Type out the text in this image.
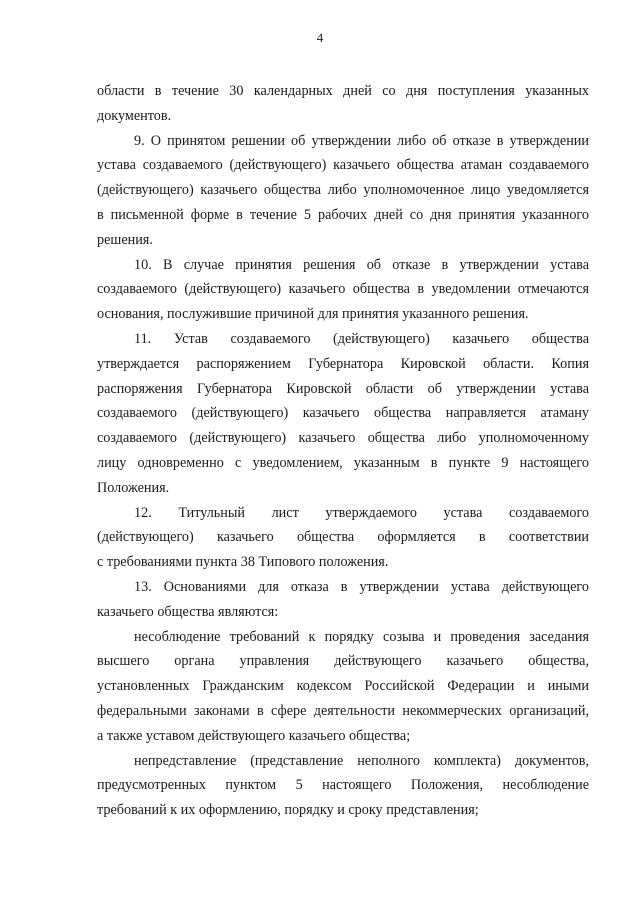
4

области в течение 30 календарных дней со дня поступления указанных
документов.

9. О принятом решении об утверждении либо об отказе в утверждении
устава создаваемого (действующего) казачьего общества атаман создаваемого
(действующего) казачьего общества либо уполномоченное лицо уведомляется
в письменной форме в течение 5 рабочих дней со дня принятия указанного
решения.

10. В случае принятия решения об отказе в утверждении устава
создаваемого (действующего) казачьего общества в уведомлении отмечаются
основания, послужившие причиной для принятия указанного решения.

11. Устав создаваемого (действующего) казачьего общества
утверждается распоряжением Губернатора Кировской области. Копия
распоряжения Губернатора Кировской области об утверждении устава
создаваемого (действующего) казачьего общества направляется атаману
создаваемого (действующего) казачьего общества либо уполномоченному
лицу одновременно с уведомлением, указанным в пункте 9 настоящего
Положения.

12. Титульный лист утверждаемого устава создаваемого
(действующего) казачьего общества оформляется в соответствии
с требованиями пункта 38 Типового положения.

13. Основаниями для отказа в утверждении устава действующего
казачьего общества являются:

несоблюдение требований к порядку созыва и проведения заседания
высшего органа управления действующего казачьего общества,
установленных Гражданским кодексом Российской Федерации и иными
федеральными законами в сфере деятельности некоммерческих организаций,
а также уставом действующего казачьего общества;

непредставление (представление неполного комплекта) документов,
предусмотренных пунктом 5 настоящего Положения, несоблюдение
требований к их оформлению, порядку и сроку представления;
